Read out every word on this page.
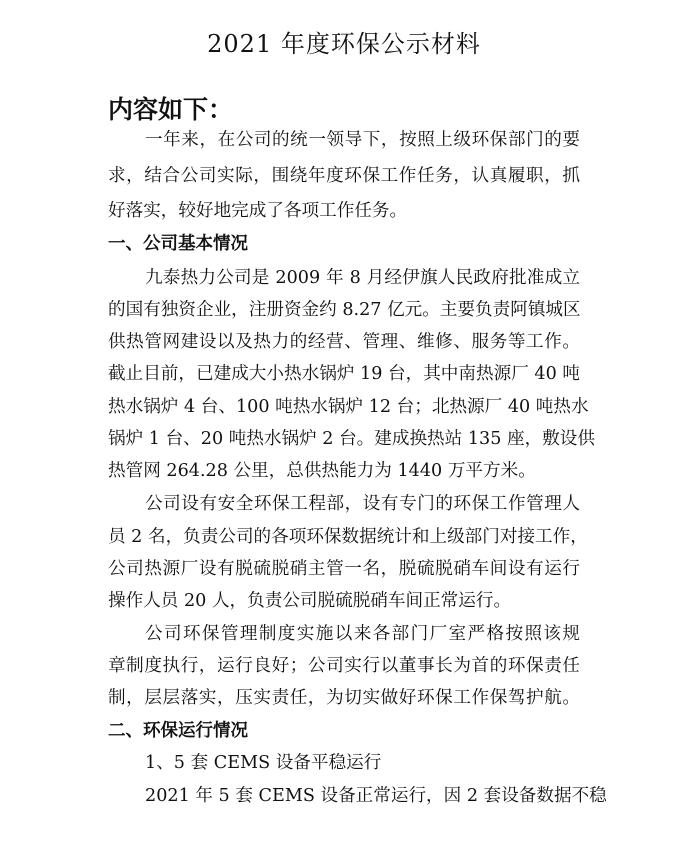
2021 年度环保公示材料
内容如下：
一年来，在公司的统一领导下，按照上级环保部门的要
求，结合公司实际，围绕年度环保工作任务，认真履职，抓
好落实，较好地完成了各项工作任务。
一、公司基本情况
九泰热力公司是 2009 年 8 月经伊旗人民政府批准成立
的国有独资企业，注册资金约 8.27 亿元。主要负责阿镇城区
供热管网建设以及热力的经营、管理、维修、服务等工作。
截止目前，已建成大小热水锅炉 19 台，其中南热源厂 40 吨
热水锅炉 4 台、100 吨热水锅炉 12 台；北热源厂 40 吨热水
锅炉 1 台、20 吨热水锅炉 2 台。建成换热站 135 座，敷设供
热管网 264.28 公里，总供热能力为 1440 万平方米。
公司设有安全环保工程部，设有专门的环保工作管理人
员 2 名，负责公司的各项环保数据统计和上级部门对接工作，
公司热源厂设有脱硫脱硝主管一名，脱硫脱硝车间设有运行
操作人员 20 人，负责公司脱硫脱硝车间正常运行。
公司环保管理制度实施以来各部门厂室严格按照该规
章制度执行，运行良好；公司实行以董事长为首的环保责任
制，层层落实，压实责任，为切实做好环保工作保驾护航。
二、环保运行情况
1、5 套 CEMS 设备平稳运行
2021 年 5 套 CEMS 设备正常运行，因 2 套设备数据不稳
